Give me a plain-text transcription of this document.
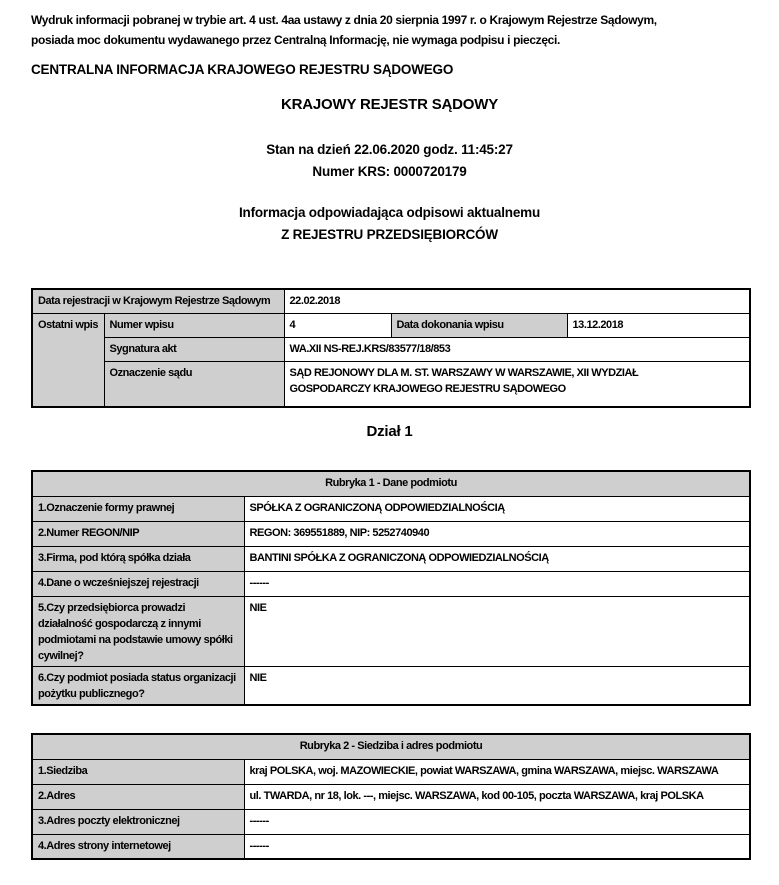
Wydruk informacji pobranej w trybie art. 4 ust. 4aa ustawy z dnia 20 sierpnia 1997 r. o Krajowym Rejestrze Sądowym,
posiada moc dokumentu wydawanego przez Centralną Informację, nie wymaga podpisu i pieczęci.
CENTRALNA INFORMACJA KRAJOWEGO REJESTRU SĄDOWEGO
KRAJOWY REJESTR SĄDOWY
Stan na dzień 22.06.2020 godz. 11:45:27
Numer KRS: 0000720179
Informacja odpowiadająca odpisowi aktualnemu
Z REJESTRU PRZEDSIĘBIORCÓW
Data rejestracji w Krajowym Rejestrze Sądowym		22.02.2018		
Ostatni wpis	Numer wpisu	4	Data dokonania wpisu	13.12.2018
	Sygnatura akt	WA.XII NS-REJ.KRS/83577/18/853		
	Oznaczenie sądu	SĄD REJONOWY DLA M. ST. WARSZAWY W WARSZAWIE, XII WYDZIAŁ GOSPODARCZY KRAJOWEGO REJESTRU SĄDOWEGO		
Dział 1
Rubryka 1 - Dane podmiotu	
1.Oznaczenie formy prawnej	SPÓŁKA Z OGRANICZONĄ ODPOWIEDZIALNOŚCIĄ
2.Numer REGON/NIP	REGON: 369551889, NIP: 5252740940
3.Firma, pod którą spółka działa	BANTINI SPÓŁKA Z OGRANICZONĄ ODPOWIEDZIALNOŚCIĄ
4.Dane o wcześniejszej rejestracji	------
5.Czy przedsiębiorca prowadzi działalność gospodarczą z innymi podmiotami na podstawie umowy spółki cywilnej?	NIE
6.Czy podmiot posiada status organizacji pożytku publicznego?	NIE
Rubryka 2 - Siedziba i adres podmiotu	
1.Siedziba	kraj POLSKA, woj. MAZOWIECKIE, powiat WARSZAWA, gmina WARSZAWA, miejsc. WARSZAWA
2.Adres	ul. TWARDA, nr 18, lok. ---, miejsc. WARSZAWA, kod 00-105, poczta WARSZAWA, kraj POLSKA
3.Adres poczty elektronicznej	------
4.Adres strony internetowej	------
